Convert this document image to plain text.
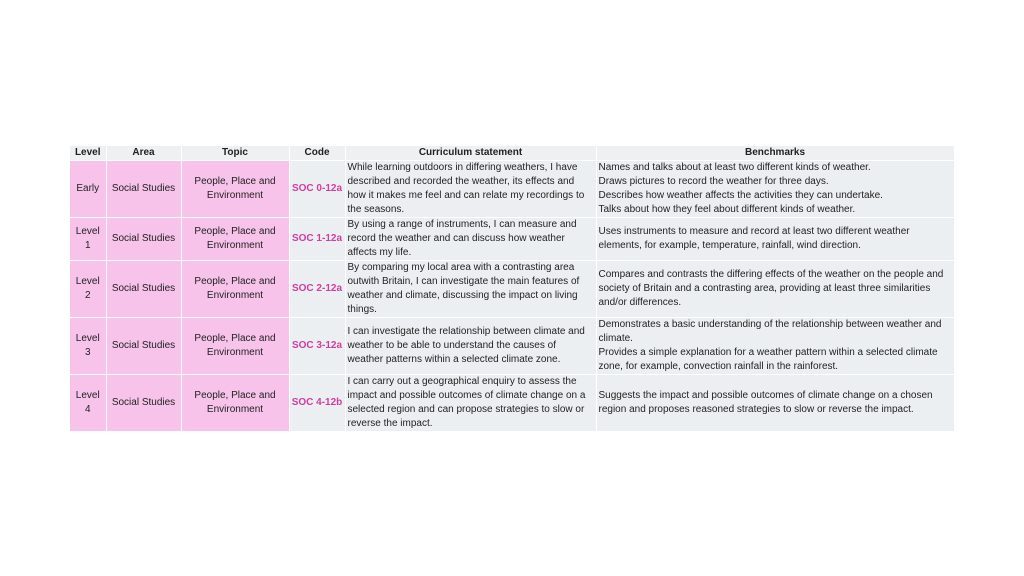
Level	Area	Topic	Code	Curriculum statement	Benchmarks
Early	Social Studies	People, Place and Environment	SOC 0-12a	While learning outdoors in differing weathers, I have described and recorded the weather, its effects and how it makes me feel and can relate my recordings to the seasons.	Names and talks about at least two different kinds of weather.
Draws pictures to record the weather for three days.
Describes how weather affects the activities they can undertake.
Talks about how they feel about different kinds of weather.

Level 1	Social Studies	People, Place and Environment	SOC 1-12a	By using a range of instruments, I can measure and record the weather and can discuss how weather affects my life.	Uses instruments to measure and record at least two different weather elements, for example, temperature, rainfall, wind direction.

Level 2	Social Studies	People, Place and Environment	SOC 2-12a	By comparing my local area with a contrasting area outwith Britain, I can investigate the main features of weather and climate, discussing the impact on living things.	Compares and contrasts the differing effects of the weather on the people and society of Britain and a contrasting area, providing at least three similarities and/or differences.

Level 3	Social Studies	People, Place and Environment	SOC 3-12a	I can investigate the relationship between climate and weather to be able to understand the causes of weather patterns within a selected climate zone.	Demonstrates a basic understanding of the relationship between weather and climate.
Provides a simple explanation for a weather pattern within a selected climate zone, for example, convection rainfall in the rainforest.

Level 4	Social Studies	People, Place and Environment	SOC 4-12b	I can carry out a geographical enquiry to assess the impact and possible outcomes of climate change on a selected region and can propose strategies to slow or reverse the impact.	Suggests the impact and possible outcomes of climate change on a chosen region and proposes reasoned strategies to slow or reverse the impact.
